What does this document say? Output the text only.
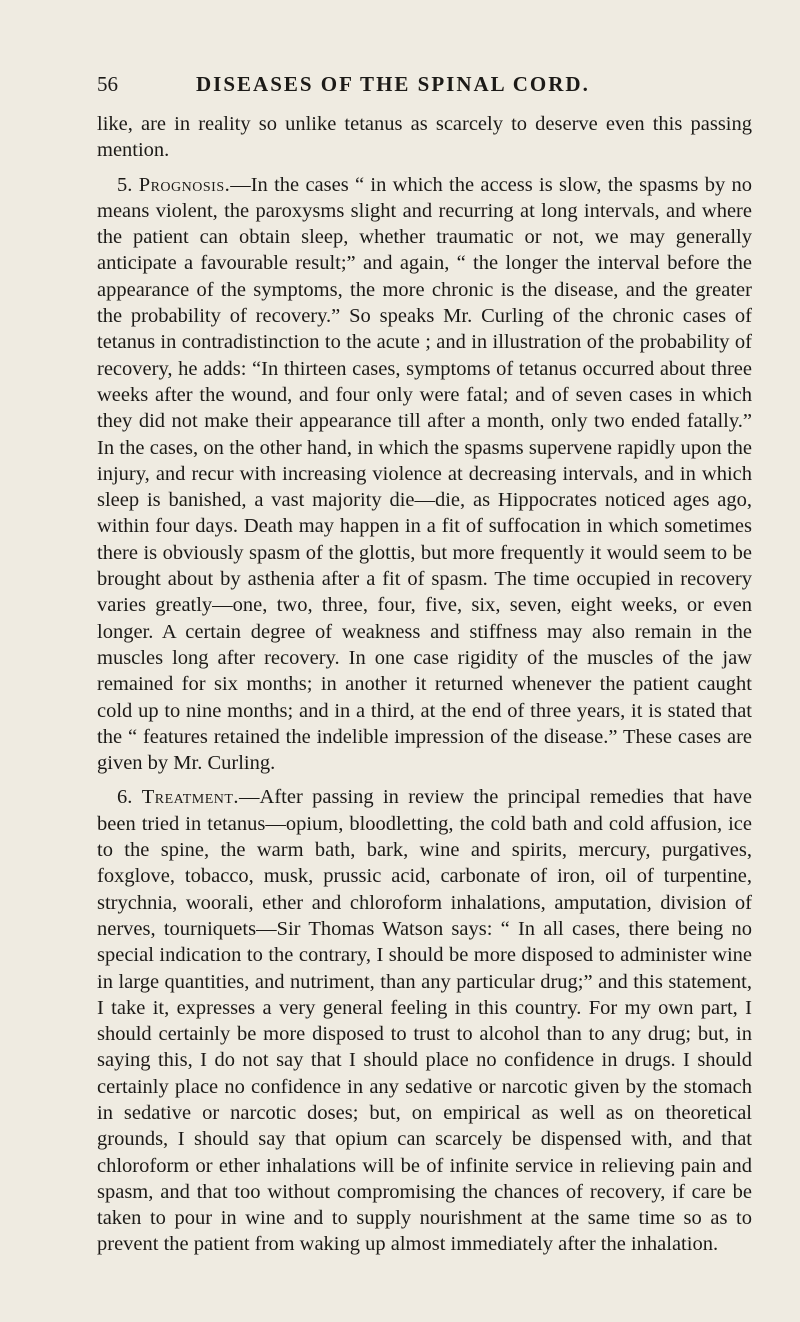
56	DISEASES OF THE SPINAL CORD.

like, are in reality so unlike tetanus as scarcely to deserve even this passing mention.

5. Prognosis.—In the cases “ in which the access is slow, the spasms by no means violent, the paroxysms slight and recurring at long intervals, and where the patient can obtain sleep, whether traumatic or not, we may generally anticipate a favourable result;” and again, “ the longer the interval before the appearance of the symptoms, the more chronic is the disease, and the greater the probability of recovery.” So speaks Mr. Curling of the chronic cases of tetanus in contradistinction to the acute ; and in illustration of the probability of recovery, he adds: “In thirteen cases, symptoms of tetanus occurred about three weeks after the wound, and four only were fatal; and of seven cases in which they did not make their appearance till after a month, only two ended fatally.” In the cases, on the other hand, in which the spasms supervene rapidly upon the injury, and recur with increasing violence at decreasing intervals, and in which sleep is banished, a vast majority die—die, as Hippocrates noticed ages ago, within four days. Death may happen in a fit of suffocation in which sometimes there is obviously spasm of the glottis, but more frequently it would seem to be brought about by asthenia after a fit of spasm. The time occupied in recovery varies greatly—one, two, three, four, five, six, seven, eight weeks, or even longer. A certain degree of weakness and stiffness may also remain in the muscles long after recovery. In one case rigidity of the muscles of the jaw remained for six months; in another it returned whenever the patient caught cold up to nine months; and in a third, at the end of three years, it is stated that the “ features retained the indelible impression of the disease.” These cases are given by Mr. Curling.

6. Treatment.—After passing in review the principal remedies that have been tried in tetanus—opium, bloodletting, the cold bath and cold affusion, ice to the spine, the warm bath, bark, wine and spirits, mercury, purgatives, foxglove, tobacco, musk, prussic acid, carbonate of iron, oil of turpentine, strychnia, woorali, ether and chloroform inhalations, amputation, division of nerves, tourniquets—Sir Thomas Watson says: “ In all cases, there being no special indication to the contrary, I should be more disposed to administer wine in large quantities, and nutriment, than any particular drug;” and this statement, I take it, expresses a very general feeling in this country. For my own part, I should certainly be more disposed to trust to alcohol than to any drug; but, in saying this, I do not say that I should place no confidence in drugs. I should certainly place no confidence in any sedative or narcotic given by the stomach in sedative or narcotic doses; but, on empirical as well as on theoretical grounds, I should say that opium can scarcely be dispensed with, and that chloroform or ether inhalations will be of infinite service in relieving pain and spasm, and that too without compromising the chances of recovery, if care be taken to pour in wine and to supply nourishment at the same time so as to prevent the patient from waking up almost immediately after the inhalation.
